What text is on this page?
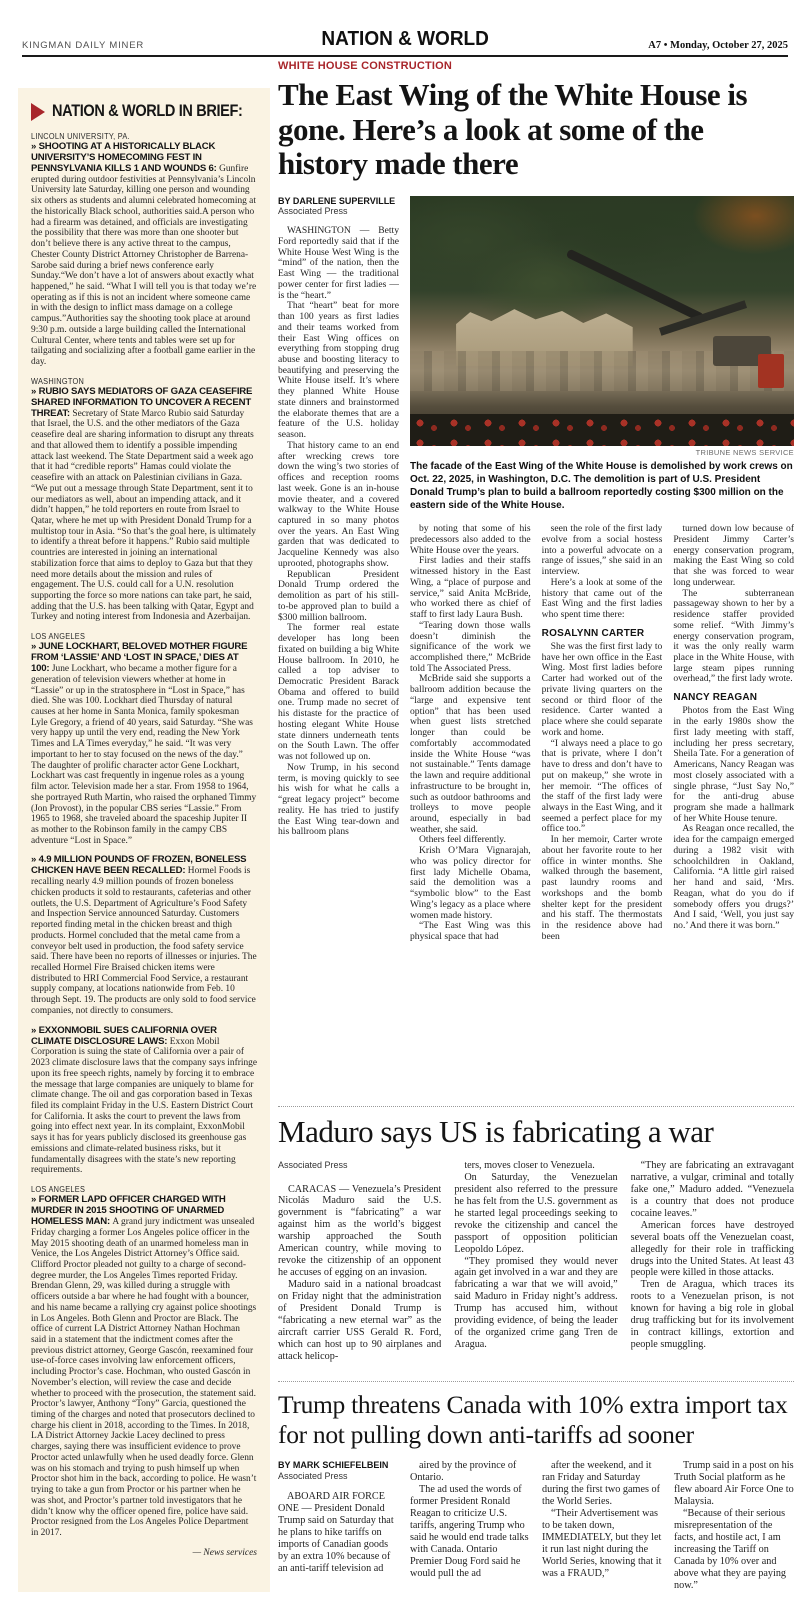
KINGMAN DAILY MINER	NATION & WORLD	A7 • Monday, October 27, 2025
NATION & WORLD IN BRIEF:
LINCOLN UNIVERSITY, PA.

» SHOOTING AT A HISTORICALLY BLACK UNIVERSITY’S HOMECOMING FEST IN PENNSYLVANIA KILLS 1 AND WOUNDS 6: Gunfire erupted during outdoor festivities at Pennsylvania’s Lincoln University late Saturday, killing one person and wounding six others as students and alumni celebrated homecoming at the historically Black school, authorities said.A person who had a firearm was detained, and officials are investigating the possibility that there was more than one shooter but don’t believe there is any active threat to the campus, Chester County District Attorney Christopher de Barrena-Sarobe said during a brief news conference early Sunday.“We don’t have a lot of answers about exactly what happened,” he said. “What I will tell you is that today we’re operating as if this is not an incident where someone came in with the design to inflict mass damage on a college campus.”Authorities say the shooting took place at around 9:30 p.m. outside a large building called the International Cultural Center, where tents and tables were set up for tailgating and socializing after a football game earlier in the day.

WASHINGTON

» RUBIO SAYS MEDIATORS OF GAZA CEASEFIRE SHARED INFORMATION TO UNCOVER A RECENT THREAT: Secretary of State Marco Rubio said Saturday that Israel, the U.S. and the other mediators of the Gaza ceasefire deal are sharing information to disrupt any threats and that allowed them to identify a possible impending attack last weekend. The State Department said a week ago that it had “credible reports” Hamas could violate the ceasefire with an attack on Palestinian civilians in Gaza. “We put out a message through State Department, sent it to our mediators as well, about an impending attack, and it didn’t happen,” he told reporters en route from Israel to Qatar, where he met up with President Donald Trump for a multistop tour in Asia. “So that’s the goal here, is ultimately to identify a threat before it happens.” Rubio said multiple countries are interested in joining an international stabilization force that aims to deploy to Gaza but that they need more details about the mission and rules of engagement. The U.S. could call for a U.N. resolution supporting the force so more nations can take part, he said, adding that the U.S. has been talking with Qatar, Egypt and Turkey and noting interest from Indonesia and Azerbaijan.

LOS ANGELES

» JUNE LOCKHART, BELOVED MOTHER FIGURE FROM ‘LASSIE’ AND ‘LOST IN SPACE,’ DIES AT 100: June Lockhart, who became a mother figure for a generation of television viewers whether at home in “Lassie” or up in the stratosphere in “Lost in Space,” has died. She was 100. Lockhart died Thursday of natural causes at her home in Santa Monica, family spokesman Lyle Gregory, a friend of 40 years, said Saturday. “She was very happy up until the very end, reading the New York Times and LA Times everyday,” he said. “It was very important to her to stay focused on the news of the day.” The daughter of prolific character actor Gene Lockhart, Lockhart was cast frequently in ingenue roles as a young film actor. Television made her a star. From 1958 to 1964, she portrayed Ruth Martin, who raised the orphaned Timmy (Jon Provost), in the popular CBS series “Lassie.” From 1965 to 1968, she traveled aboard the spaceship Jupiter II as mother to the Robinson family in the campy CBS adventure “Lost in Space.”

» 4.9 MILLION POUNDS OF FROZEN, BONELESS CHICKEN HAVE BEEN RECALLED: Hormel Foods is recalling nearly 4.9 million pounds of frozen boneless chicken products it sold to restaurants, cafeterias and other outlets, the U.S. Department of Agriculture’s Food Safety and Inspection Service announced Saturday. Customers reported finding metal in the chicken breast and thigh products. Hormel concluded that the metal came from a conveyor belt used in production, the food safety service said. There have been no reports of illnesses or injuries. The recalled Hormel Fire Braised chicken items were distributed to HRI Commercial Food Service, a restaurant supply company, at locations nationwide from Feb. 10 through Sept. 19. The products are only sold to food service companies, not directly to consumers.

» EXXONMOBIL SUES CALIFORNIA OVER CLIMATE DISCLOSURE LAWS: Exxon Mobil Corporation is suing the state of California over a pair of 2023 climate disclosure laws that the company says infringe upon its free speech rights, namely by forcing it to embrace the message that large companies are uniquely to blame for climate change. The oil and gas corporation based in Texas filed its complaint Friday in the U.S. Eastern District Court for California. It asks the court to prevent the laws from going into effect next year. In its complaint, ExxonMobil says it has for years publicly disclosed its greenhouse gas emissions and climate-related business risks, but it fundamentally disagrees with the state’s new reporting requirements.

LOS ANGELES

» FORMER LAPD OFFICER CHARGED WITH MURDER IN 2015 SHOOTING OF UNARMED HOMELESS MAN: A grand jury indictment was unsealed Friday charging a former Los Angeles police officer in the May 2015 shooting death of an unarmed homeless man in Venice, the Los Angeles District Attorney’s Office said. Clifford Proctor pleaded not guilty to a charge of second-degree murder, the Los Angeles Times reported Friday. Brendan Glenn, 29, was killed during a struggle with officers outside a bar where he had fought with a bouncer, and his name became a rallying cry against police shootings in Los Angeles. Both Glenn and Proctor are Black. The office of current LA District Attorney Nathan Hochman said in a statement that the indictment comes after the previous district attorney, George Gascón, reexamined four use-of-force cases involving law enforcement officers, including Proctor’s case. Hochman, who ousted Gascón in November’s election, will review the case and decide whether to proceed with the prosecution, the statement said. Proctor’s lawyer, Anthony “Tony” Garcia, questioned the timing of the charges and noted that prosecutors declined to charge his client in 2018, according to the Times. In 2018, LA District Attorney Jackie Lacey declined to press charges, saying there was insufficient evidence to prove Proctor acted unlawfully when he used deadly force. Glenn was on his stomach and trying to push himself up when Proctor shot him in the back, according to police. He wasn’t trying to take a gun from Proctor or his partner when he was shot, and Proctor’s partner told investigators that he didn’t know why the officer opened fire, police have said. Proctor resigned from the Los Angeles Police Department in 2017.

— News services
WHITE HOUSE CONSTRUCTION
The East Wing of the White House is gone. Here’s a look at some of the history made there
BY DARLENE SUPERVILLE
Associated Press

WASHINGTON — Betty Ford reportedly said that if the White House West Wing is the “mind” of the nation, then the East Wing — the traditional power center for first ladies — is the “heart.”

That “heart” beat for more than 100 years as first ladies and their teams worked from their East Wing offices on everything from stopping drug abuse and boosting literacy to beautifying and preserving the White House itself. It’s where they planned White House state dinners and brainstormed the elaborate themes that are a feature of the U.S. holiday season.

That history came to an end after wrecking crews tore down the wing’s two stories of offices and reception rooms last week. Gone is an in-house movie theater, and a covered walkway to the White House captured in so many photos over the years. An East Wing garden that was dedicated to Jacqueline Kennedy was also uprooted, photographs show.

Republican President Donald Trump ordered the demolition as part of his still-to-be approved plan to build a $300 million ballroom.

The former real estate developer has long been fixated on building a big White House ballroom. In 2010, he called a top adviser to Democratic President Barack Obama and offered to build one. Trump made no secret of his distaste for the practice of hosting elegant White House state dinners underneath tents on the South Lawn. The offer was not followed up on.

Now Trump, in his second term, is moving quickly to see his wish for what he calls a “great legacy project” become reality. He has tried to justify the East Wing tear-down and his ballroom plans

TRIBUNE NEWS SERVICE
The facade of the East Wing of the White House is demolished by work crews on Oct. 22, 2025, in Washington, D.C. The demolition is part of U.S. President Donald Trump’s plan to build a ballroom reportedly costing $300 million on the eastern side of the White House.

by noting that some of his predecessors also added to the White House over the years.

First ladies and their staffs witnessed history in the East Wing, a “place of purpose and service,” said Anita McBride, who worked there as chief of staff to first lady Laura Bush.

“Tearing down those walls doesn’t diminish the significance of the work we accomplished there,” McBride told The Associated Press.

McBride said she supports a ballroom addition because the “large and expensive tent option” that has been used when guest lists stretched longer than could be comfortably accommodated inside the White House “was not sustainable.” Tents damage the lawn and require additional infrastructure to be brought in, such as outdoor bathrooms and trolleys to move people around, especially in bad weather, she said.

Others feel differently.

Krish O’Mara Vignarajah, who was policy director for first lady Michelle Obama, said the demolition was a “symbolic blow” to the East Wing’s legacy as a place where women made history.

“The East Wing was this physical space that had

seen the role of the first lady evolve from a social hostess into a powerful advocate on a range of issues,” she said in an interview.

Here’s a look at some of the history that came out of the East Wing and the first ladies who spent time there:

ROSALYNN CARTER

She was the first first lady to have her own office in the East Wing. Most first ladies before Carter had worked out of the private living quarters on the second or third floor of the residence. Carter wanted a place where she could separate work and home.

“I always need a place to go that is private, where I don’t have to dress and don’t have to put on makeup,” she wrote in her memoir. “The offices of the staff of the first lady were always in the East Wing, and it seemed a perfect place for my office too.”

In her memoir, Carter wrote about her favorite route to her office in winter months. She walked through the basement, past laundry rooms and workshops and the bomb shelter kept for the president and his staff. The thermostats in the residence above had been

turned down low because of President Jimmy Carter’s energy conservation program, making the East Wing so cold that she was forced to wear long underwear.

The subterranean passageway shown to her by a residence staffer provided some relief. “With Jimmy’s energy conservation program, it was the only really warm place in the White House, with large steam pipes running overhead,” the first lady wrote.

NANCY REAGAN

Photos from the East Wing in the early 1980s show the first lady meeting with staff, including her press secretary, Sheila Tate. For a generation of Americans, Nancy Reagan was most closely associated with a single phrase, “Just Say No,” for the anti-drug abuse program she made a hallmark of her White House tenure.

As Reagan once recalled, the idea for the campaign emerged during a 1982 visit with schoolchildren in Oakland, California. “A little girl raised her hand and said, ‘Mrs. Reagan, what do you do if somebody offers you drugs?’ And I said, ‘Well, you just say no.’ And there it was born.”

Maduro says US is fabricating a war
Associated Press

CARACAS — Venezuela’s President Nicolás Maduro said the U.S. government is “fabricating” a war against him as the world’s biggest warship approached the South American country, while moving to revoke the citizenship of an opponent he accuses of egging on an invasion.

Maduro said in a national broadcast on Friday night that the administration of President Donald Trump is “fabricating a new eternal war” as the aircraft carrier USS Gerald R. Ford, which can host up to 90 airplanes and attack helicop-

ters, moves closer to Venezuela.

On Saturday, the Venezuelan president also referred to the pressure he has felt from the U.S. government as he started legal proceedings seeking to revoke the citizenship and cancel the passport of opposition politician Leopoldo López.

“They promised they would never again get involved in a war and they are fabricating a war that we will avoid,” said Maduro in Friday night’s address. Trump has accused him, without providing evidence, of being the leader of the organized crime gang Tren de Aragua.

“They are fabricating an extravagant narrative, a vulgar, criminal and totally fake one,” Maduro added. “Venezuela is a country that does not produce cocaine leaves.”

American forces have destroyed several boats off the Venezuelan coast, allegedly for their role in trafficking drugs into the United States. At least 43 people were killed in those attacks.

Tren de Aragua, which traces its roots to a Venezuelan prison, is not known for having a big role in global drug trafficking but for its involvement in contract killings, extortion and people smuggling.

Trump threatens Canada with 10% extra import tax for not pulling down anti-tariffs ad sooner
BY MARK SCHIEFELBEIN
Associated Press

ABOARD AIR FORCE ONE — President Donald Trump said on Saturday that he plans to hike tariffs on imports of Canadian goods by an extra 10% because of an anti-tariff television ad

aired by the province of Ontario.

The ad used the words of former President Ronald Reagan to criticize U.S. tariffs, angering Trump who said he would end trade talks with Canada. Ontario Premier Doug Ford said he would pull the ad

after the weekend, and it ran Friday and Saturday during the first two games of the World Series.

“Their Advertisement was to be taken down, IMMEDIATELY, but they let it run last night during the World Series, knowing that it was a FRAUD,”

Trump said in a post on his Truth Social platform as he flew aboard Air Force One to Malaysia.

“Because of their serious misrepresentation of the facts, and hostile act, I am increasing the Tariff on Canada by 10% over and above what they are paying now.”
